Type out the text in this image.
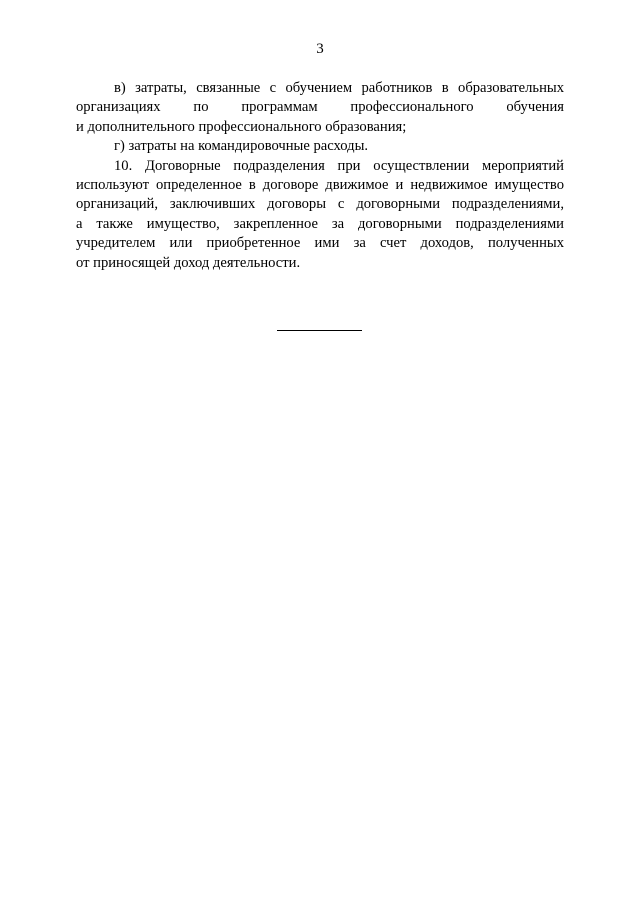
3
в) затраты, связанные с обучением работников в образовательных
организациях по программам профессионального обучения
и дополнительного профессионального образования;
г) затраты на командировочные расходы.
10. Договорные подразделения при осуществлении мероприятий
используют определенное в договоре движимое и недвижимое имущество
организаций, заключивших договоры с договорными подразделениями,
а также имущество, закрепленное за договорными подразделениями
учредителем или приобретенное ими за счет доходов, полученных
от приносящей доход деятельности.
